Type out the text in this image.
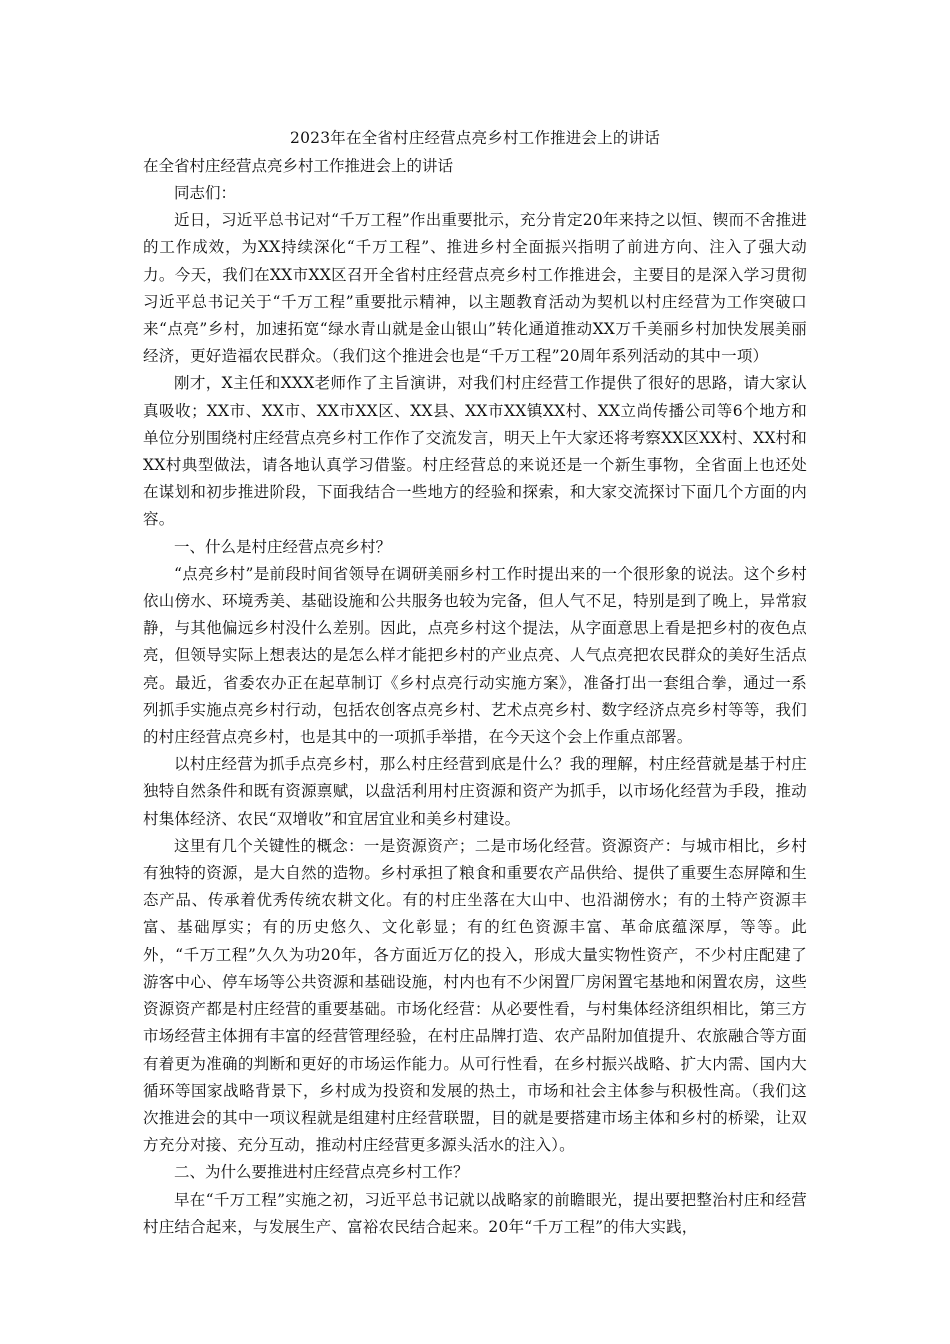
2023年在全省村庄经营点亮乡村工作推进会上的讲话
在全省村庄经营点亮乡村工作推进会上的讲话

同志们：

近日，习近平总书记对“千万工程”作出重要批示，充分肯定20年来持之以恒、锲而不舍推进的工作成效，为XX持续深化“千万工程”、推进乡村全面振兴指明了前进方向、注入了强大动力。今天，我们在XX市XX区召开全省村庄经营点亮乡村工作推进会，主要目的是深入学习贯彻习近平总书记关于“千万工程”重要批示精神，以主题教育活动为契机以村庄经营为工作突破口来“点亮”乡村，加速拓宽“绿水青山就是金山银山”转化通道推动XX万千美丽乡村加快发展美丽经济，更好造福农民群众。（我们这个推进会也是“千万工程”20周年系列活动的其中一项）

刚才，X主任和XXX老师作了主旨演讲，对我们村庄经营工作提供了很好的思路，请大家认真吸收；XX市、XX市、XX市XX区、XX县、XX市XX镇XX村、XX立尚传播公司等6个地方和单位分别围绕村庄经营点亮乡村工作作了交流发言，明天上午大家还将考察XX区XX村、XX村和XX村典型做法，请各地认真学习借鉴。村庄经营总的来说还是一个新生事物，全省面上也还处在谋划和初步推进阶段，下面我结合一些地方的经验和探索，和大家交流探讨下面几个方面的内容。

一、什么是村庄经营点亮乡村？

“点亮乡村”是前段时间省领导在调研美丽乡村工作时提出来的一个很形象的说法。这个乡村依山傍水、环境秀美、基础设施和公共服务也较为完备，但人气不足，特别是到了晚上，异常寂静，与其他偏远乡村没什么差别。因此，点亮乡村这个提法，从字面意思上看是把乡村的夜色点亮，但领导实际上想表达的是怎么样才能把乡村的产业点亮、人气点亮把农民群众的美好生活点亮。最近，省委农办正在起草制订《乡村点亮行动实施方案》，准备打出一套组合拳，通过一系列抓手实施点亮乡村行动，包括农创客点亮乡村、艺术点亮乡村、数字经济点亮乡村等等，我们的村庄经营点亮乡村，也是其中的一项抓手举措，在今天这个会上作重点部署。

以村庄经营为抓手点亮乡村，那么村庄经营到底是什么？我的理解，村庄经营就是基于村庄独特自然条件和既有资源禀赋，以盘活利用村庄资源和资产为抓手，以市场化经营为手段，推动村集体经济、农民“双增收”和宜居宜业和美乡村建设。

这里有几个关键性的概念：一是资源资产；二是市场化经营。资源资产：与城市相比，乡村有独特的资源，是大自然的造物。乡村承担了粮食和重要农产品供给、提供了重要生态屏障和生态产品、传承着优秀传统农耕文化。有的村庄坐落在大山中、也沿湖傍水；有的土特产资源丰富、基础厚实；有的历史悠久、文化彰显；有的红色资源丰富、革命底蕴深厚，等等。此外，“千万工程”久久为功20年，各方面近万亿的投入，形成大量实物性资产，不少村庄配建了游客中心、停车场等公共资源和基础设施，村内也有不少闲置厂房闲置宅基地和闲置农房，这些资源资产都是村庄经营的重要基础。市场化经营：从必要性看，与村集体经济组织相比，第三方市场经营主体拥有丰富的经营管理经验，在村庄品牌打造、农产品附加值提升、农旅融合等方面有着更为准确的判断和更好的市场运作能力。从可行性看，在乡村振兴战略、扩大内需、国内大循环等国家战略背景下，乡村成为投资和发展的热土，市场和社会主体参与积极性高。（我们这次推进会的其中一项议程就是组建村庄经营联盟，目的就是要搭建市场主体和乡村的桥梁，让双方充分对接、充分互动，推动村庄经营更多源头活水的注入）。

二、为什么要推进村庄经营点亮乡村工作？

早在“千万工程”实施之初，习近平总书记就以战略家的前瞻眼光，提出要把整治村庄和经营村庄结合起来，与发展生产、富裕农民结合起来。20年“千万工程”的伟大实践，
